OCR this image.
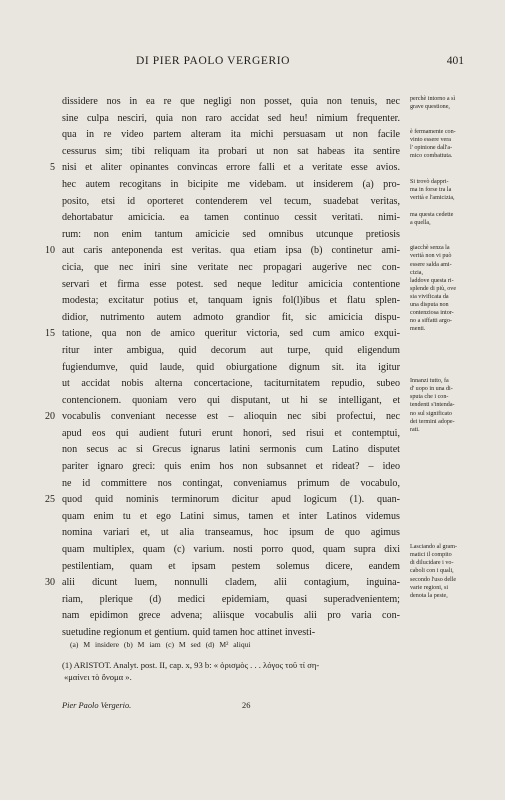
DI PIER PAOLO VERGERIO	401
dissidere nos in ea re que negligi non posset, quia non tenuis, nec
sine culpa nesciri, quia non raro accidat sed heu! nimium frequenter.
qua in re video partem alteram ita michi persuasam ut non facile
cessurus sim; tibi reliquam ita probari ut non sat habeas ita sentire
nisi et aliter opinantes convincas errore falli et a veritate esse avios.
hec autem recogitans in bicipite me videbam. ut insiderem (a) pro-
posito, etsi id oporteret contenderem vel tecum, suadebat veritas,
dehortabatur amicicia. ea tamen continuo cessit veritati. nimi-
rum: non enim tantum amicicie sed omnibus utcunque pretiosis
aut caris anteponenda est veritas. qua etiam ipsa (b) continetur ami-
cicia, que nec iniri sine veritate nec propagari augerive nec con-
servari et firma esse potest. sed neque leditur amicicia contentione
modesta; excitatur potius et, tanquam ignis fol(l)ibus et flatu splen-
didior, nutrimento autem admoto grandior fit, sic amicicia dispu-
tatione, qua non de amico queritur victoria, sed cum amico exqui-
ritur inter ambigua, quid decorum aut turpe, quid eligendum
fugiendumve, quid laude, quid obiurgatione dignum sit. ita igitur
ut accidat nobis alterna concertacione, taciturnitatem repudio, subeo
contencionem. quoniam vero qui disputant, ut hi se intelligant, et
vocabulis conveniant necesse est – alioquin nec sibi profectui, nec
apud eos qui audient futuri erunt honori, sed risui et contemptui,
non secus ac si Grecus ignarus latini sermonis cum Latino disputet
pariter ignaro greci: quis enim hos non subsannet et rideat? – ideo
ne id committere nos contingat, conveniamus primum de vocabulo,
quod quid nominis terminorum dicitur apud logicum (1). quan-
quam enim tu et ego Latini simus, tamen et inter Latinos videmus
nomina variari et, ut alia transeamus, hoc ipsum de quo agimus
quam multiplex, quam (c) varium. nosti porro quod, quam supra dixi
pestilentiam, quam et ipsam pestem solemus dicere, eandem
alii dicunt luem, nonnulli cladem, alii contagium, inguina-
riam, plerique (d) medici epidemiam, quasi superadvenientem;
nam epidimon grece advena; aliisque vocabulis alii pro varia con-
suetudine regionum et gentium. quid tamen hoc attinet investi-
5
10
15
20
25
30
perchè intorno a sì
grave questione,
è fermamente con-
vinto essere vera
l' opinione dall'a-
mico combattuta.
Si trovò dappri-
ma in forse tra la
verità e l'amicizia,
ma questa cedette
a quella,
giacchè senza la
verità non vi può
essere salda ami-
cizia,
laddove questa ri-
splende di più, ove
sia vivificata da
una disputa non
contenziosa intor-
no a siffatti argo-
menti.
Innanzi tutto, fa
d' uopo in una di-
sputa che i con-
tendenti s'intenda-
no sul significato
dei termini adope-
rati.
Lasciando al gram-
matici il compito
di dilucidare i vo-
caboli con i quali,
secondo l'uso delle
varie regioni, si
denota la peste,
(a) M insidere (b) M iam (c) M sed (d) M² aliqui
(1) ARISTOT. Analyt. post. II, cap. x, 93 b: « ὁρισμὸς . . . λόγος τοῦ τί ση-
«μαίνει τὸ ὄνομα ».
Pier Paolo Vergerio.	26
